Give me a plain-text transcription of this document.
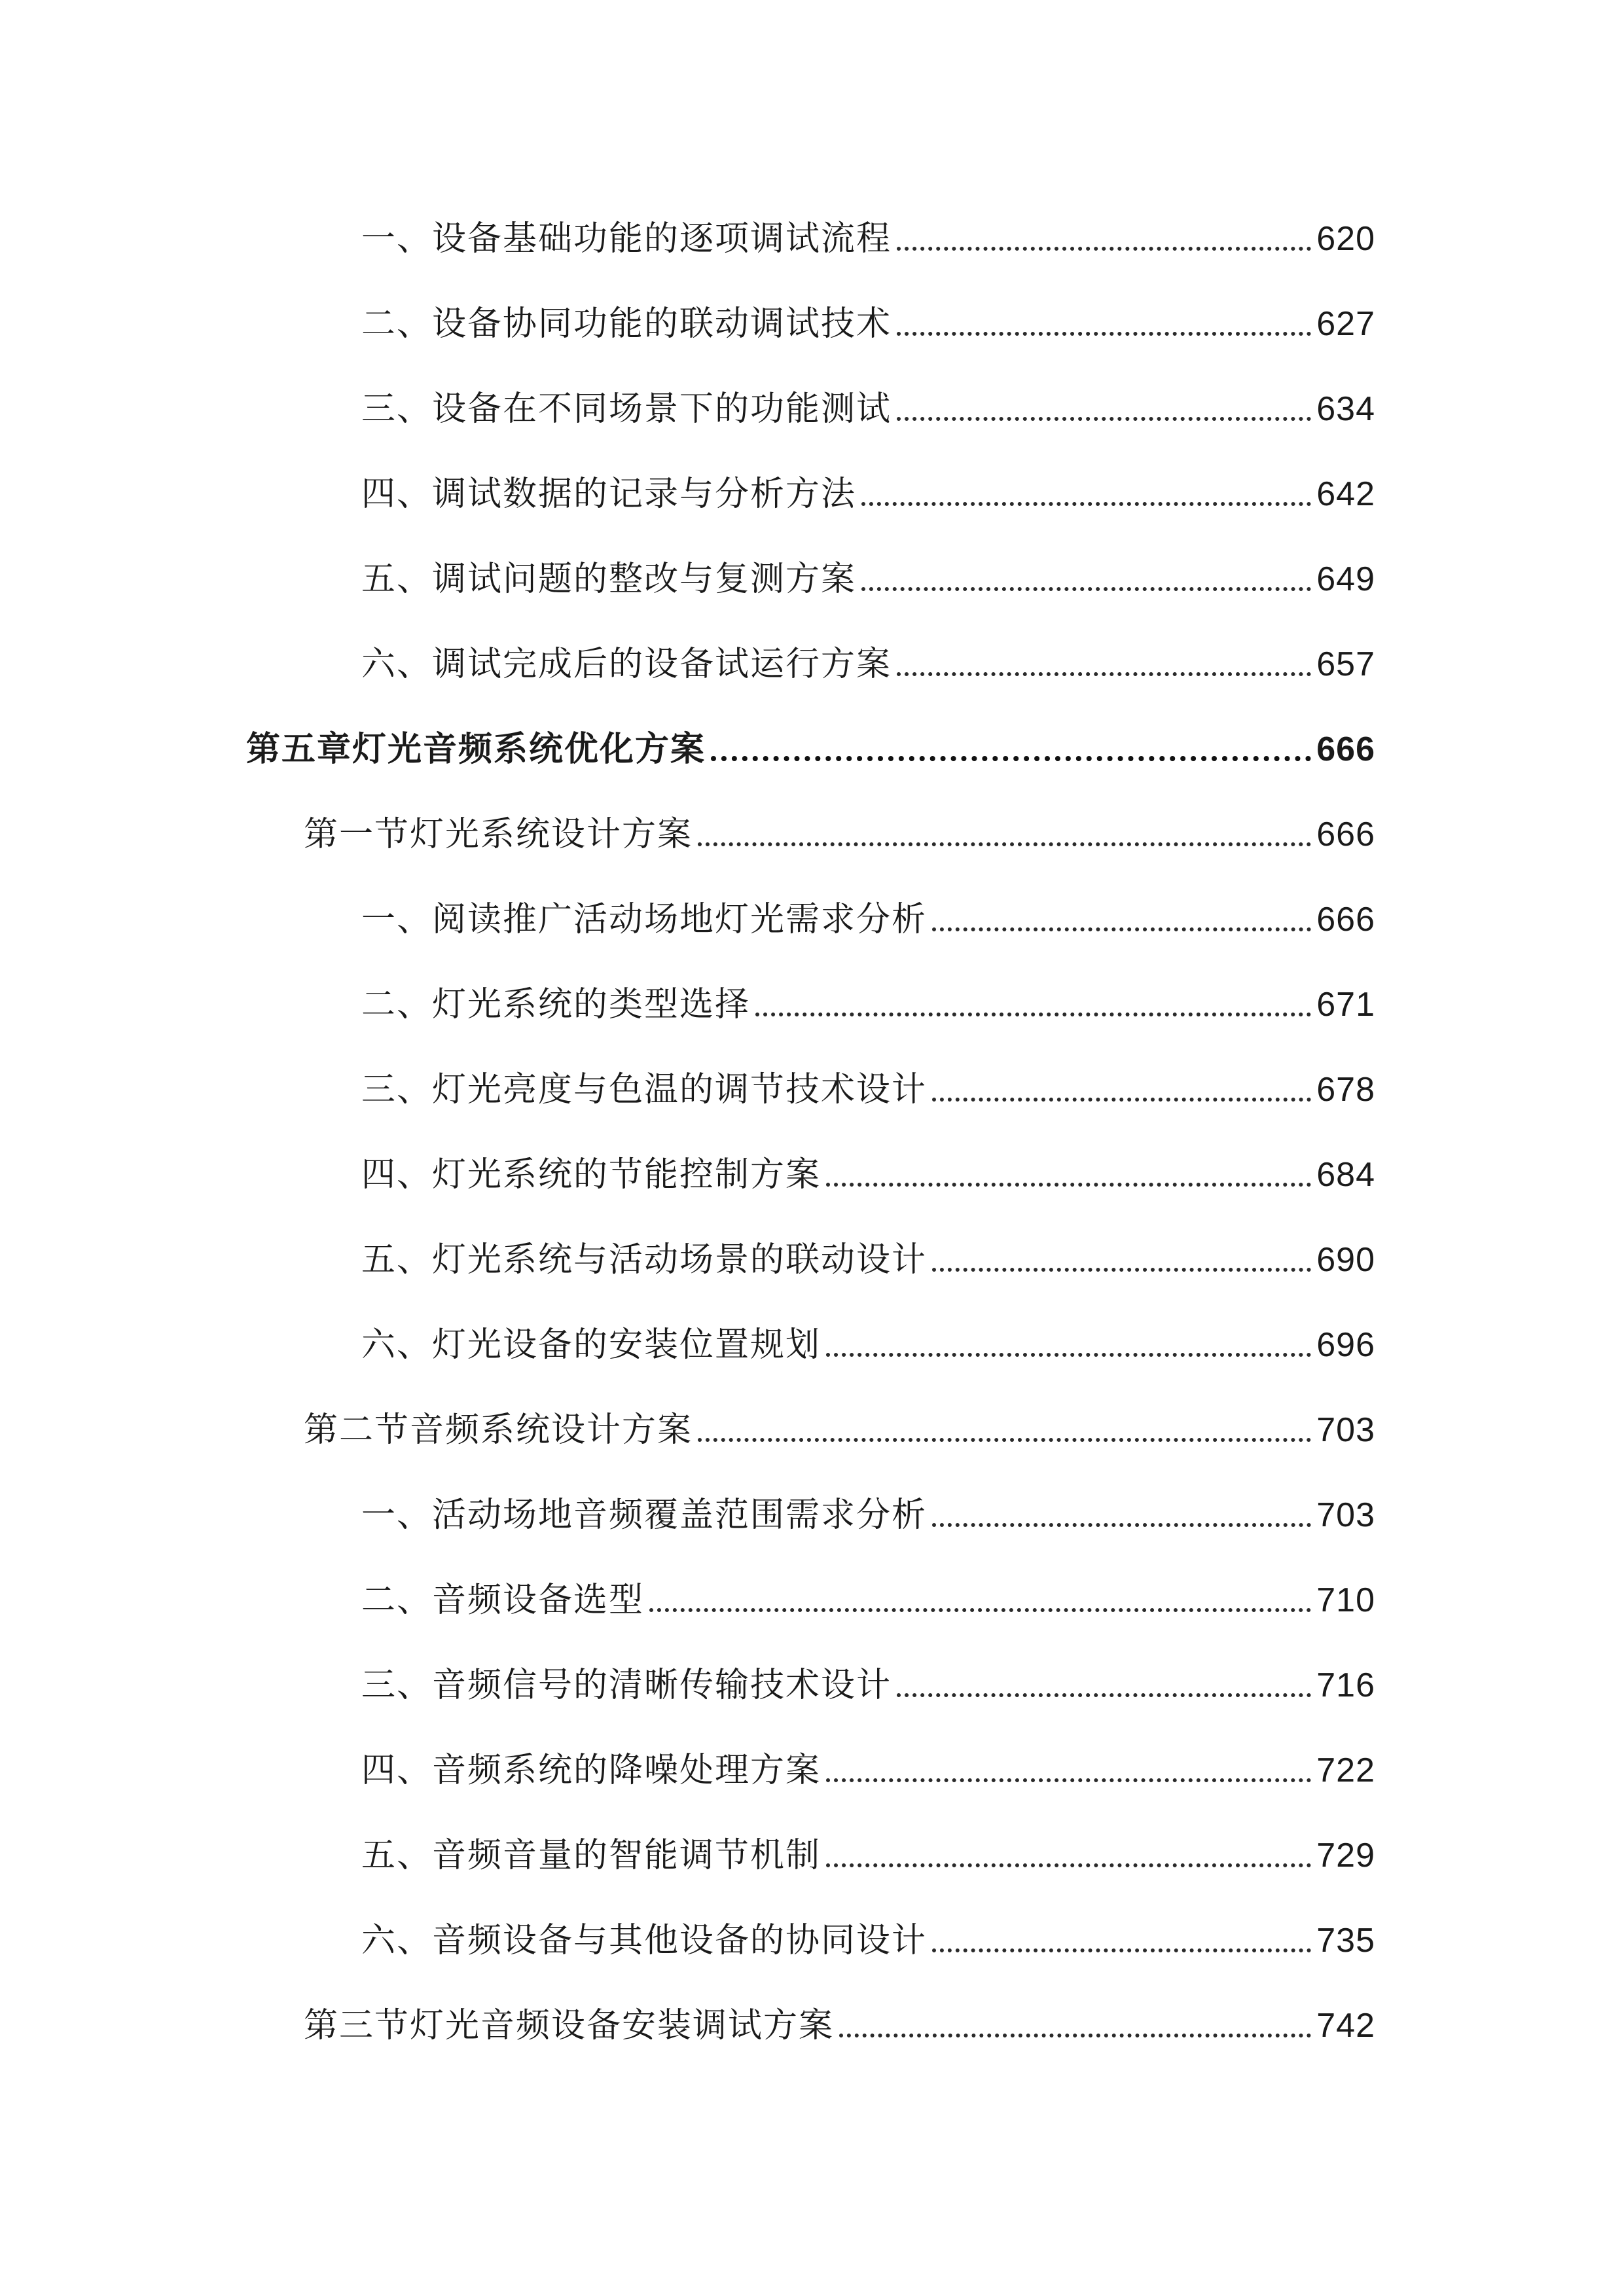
一、设备基础功能的逐项调试流程	620
二、设备协同功能的联动调试技术	627
三、设备在不同场景下的功能测试	634
四、调试数据的记录与分析方法	642
五、调试问题的整改与复测方案	649
六、调试完成后的设备试运行方案	657
第五章灯光音频系统优化方案	666
第一节灯光系统设计方案	666
一、阅读推广活动场地灯光需求分析	666
二、灯光系统的类型选择	671
三、灯光亮度与色温的调节技术设计	678
四、灯光系统的节能控制方案	684
五、灯光系统与活动场景的联动设计	690
六、灯光设备的安装位置规划	696
第二节音频系统设计方案	703
一、活动场地音频覆盖范围需求分析	703
二、音频设备选型	710
三、音频信号的清晰传输技术设计	716
四、音频系统的降噪处理方案	722
五、音频音量的智能调节机制	729
六、音频设备与其他设备的协同设计	735
第三节灯光音频设备安装调试方案	742
